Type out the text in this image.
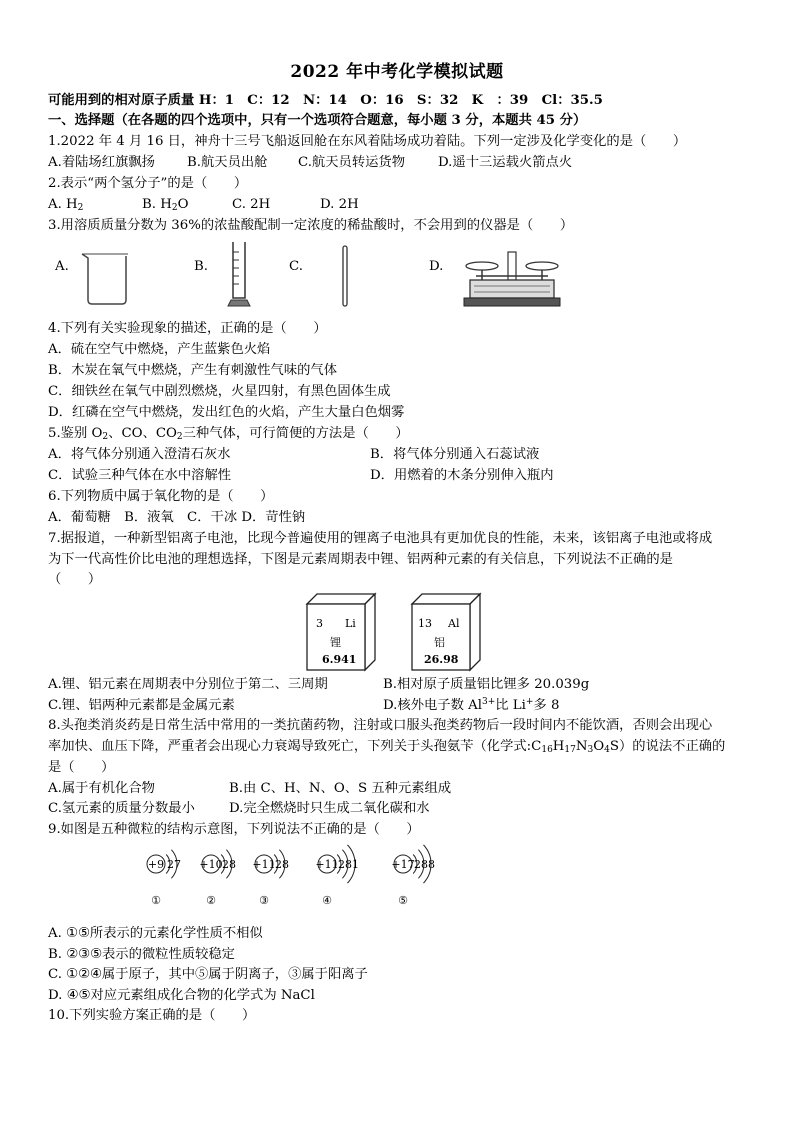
2022 年中考化学模拟试题
可能用到的相对原子质量 H：1　C：12　N：14　O：16　S：32　K　：39　Cl：35.5
一、选择题（在各题的四个选项中，只有一个选项符合题意，每小题 3 分，本题共 45 分）
1.2022 年 4 月 16 日，神舟十三号飞船返回舱在东风着陆场成功着陆。下列一定涉及化学变化的是（　　）
A.着陆场红旗飘扬 B.航天员出舱 C.航天员转运货物 D.遥十三运载火箭点火
2.表示“两个氢分子”的是（　　）
A. $H_2$	B. $H_2O$	C. 2H	D. 2H
3.用溶质质量分数为 36%的浓盐酸配制一定浓度的稀盐酸时，不会用到的仪器是（　　）
A.	B.	C.	D.
4.下列有关实验现象的描述，正确的是（　　）
A．硫在空气中燃烧，产生蓝紫色火焰
B．木炭在氧气中燃烧，产生有刺激性气味的气体
C．细铁丝在氧气中剧烈燃烧，火星四射，有黑色固体生成
D．红磷在空气中燃烧，发出红色的火焰，产生大量白色烟雾
5.鉴别 $O_2$、CO、$CO_2$三种气体，可行简便的方法是（　　）
A．将气体分别通入澄清石灰水	B．将气体分别通入石蕊试液
C．试验三种气体在水中溶解性	D．用燃着的木条分别伸入瓶内
6.下列物质中属于氧化物的是（　　）
A．葡萄糖　B．液氧　C．干冰 D．苛性钠
7.据报道，一种新型铝离子电池，比现今普遍使用的锂离子电池具有更加优良的性能，未来，该铝离子电池或将成
为下一代高性价比电池的理想选择，下图是元素周期表中锂、铝两种元素的有关信息，下列说法不正确的是
（　　）
3 Li
锂
6.941
13 Al
铝
26.98
A.锂、铝元素在周期表中分别位于第二、三周期	B.相对原子质量铝比锂多 20.039g
C.锂、铝两种元素都是金属元素	D.核外电子数 $Al^{3+}$比 Li+多 8
8.头孢类消炎药是日常生活中常用的一类抗菌药物，注射或口服头孢类药物后一段时间内不能饮酒，否则会出现心
率加快、血压下降，严重者会出现心力衰竭导致死亡，下列关于头孢氨苄（化学式$:C_{16}H_{17}N_3O_4S$）的说法不正确的
是（　　）
A.属于有机化合物	B.由 C、H、N、O、S 五种元素组成
C.氢元素的质量分数最小	D.完全燃烧时只生成二氧化碳和水
9.如图是五种微粒的结构示意图，下列说法不正确的是（　　）
+9 2 7
①
+10 2 8
②
+11 2 8
③
+11 2 8 1
④
+17 2 8 8
⑤
A. ①⑤所表示的元素化学性质不相似
B. ②③⑤表示的微粒性质较稳定
C. ①②④属于原子，其中⑤属于阴离子，③属于阳离子
D. ④⑤对应元素组成化合物的化学式为 NaCl
10.下列实验方案正确的是（　　）
